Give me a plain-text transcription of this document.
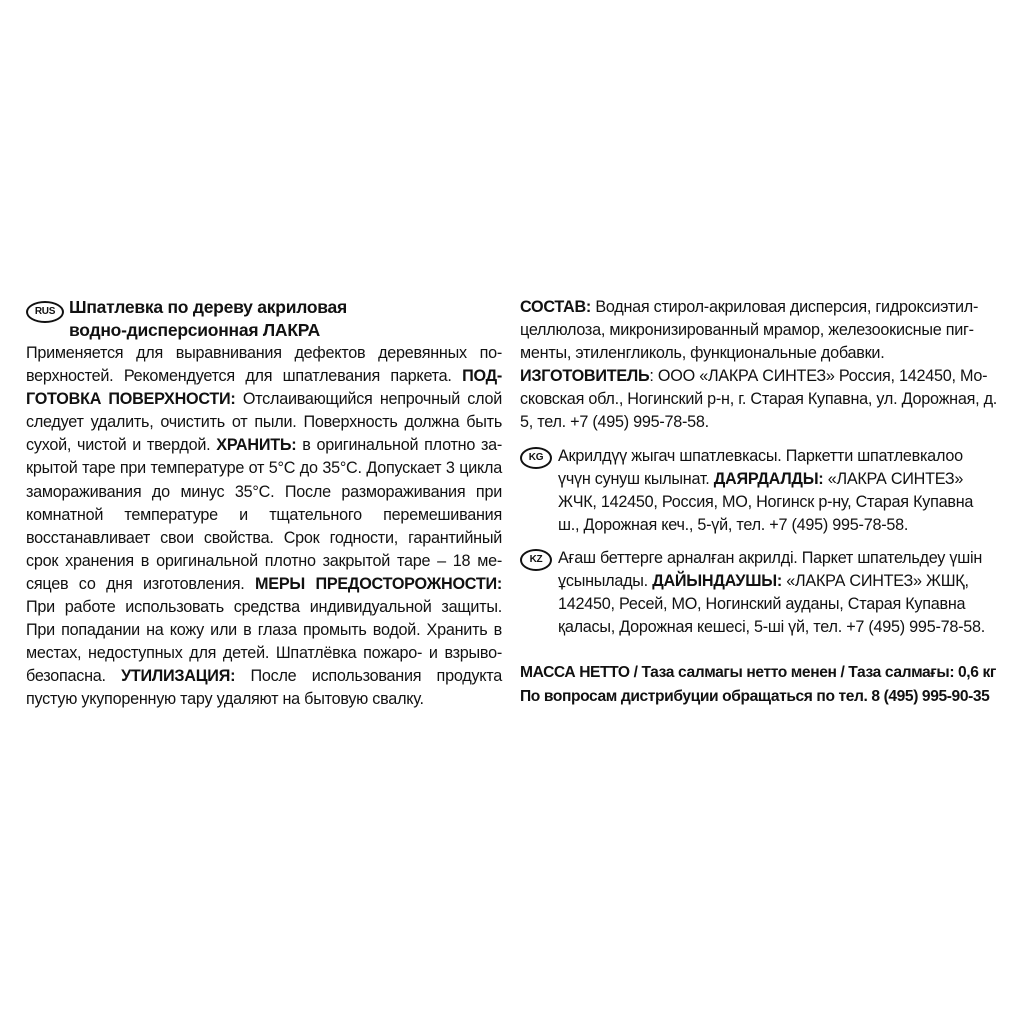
RUS Шпатлевка по дереву акриловая
водно-дисперсионная ЛАКРА
Применяется для выравнивания дефектов деревянных по-верхностей. Рекомендуется для шпатлевания паркета. ПОД-ГОТОВКА ПОВЕРХНОСТИ: Отслаивающийся непрочный слой следует удалить, очистить от пыли. Поверхность должна быть сухой, чистой и твердой. ХРАНИТЬ: в оригинальной плотно за-крытой таре при температуре от 5°С до 35°С. Допускает 3 цикла замораживания до минус 35°С. После размораживания при комнатной температуре и тщательного перемешивания восстанавливает свои свойства. Срок годности, гарантийный срок хранения в оригинальной плотно закрытой таре – 18 ме-сяцев со дня изготовления. МЕРЫ ПРЕДОСТОРОЖНОСТИ: При работе использовать средства индивидуальной защиты. При попадании на кожу или в глаза промыть водой. Хранить в местах, недоступных для детей. Шпатлёвка пожаро- и взрыво-безопасна. УТИЛИЗАЦИЯ: После использования продукта пустую укупоренную тару удаляют на бытовую свалку.
СОСТАВ: Водная стирол-акриловая дисперсия, гидроксиэтил-целлюлоза, микронизированный мрамор, железоокисные пиг-менты, этиленгликоль, функциональные добавки.
ИЗГОТОВИТЕЛЬ: ООО «ЛАКРА СИНТЕЗ» Россия, 142450, Мо-сковская обл., Ногинский р-н, г. Старая Купавна, ул. Дорожная, д. 5, тел. +7 (495) 995-78-58.
KG Акрилдүү жыгач шпатлевкасы. Паркетти шпатлевкалоо үчүн сунуш кылынат. ДАЯРДАЛДЫ: «ЛАКРА СИНТЕЗ» ЖЧК, 142450, Россия, МО, Ногинск р-ну, Старая Купавна ш., Дорожная кеч., 5-үй, тел. +7 (495) 995-78-58.
KZ Ағаш беттерге арналған акрилді. Паркет шпательдеу үшін ұсынылады. ДАЙЫНДАУШЫ: «ЛАКРА СИНТЕЗ» ЖШҚ, 142450, Ресей, МО, Ногинский ауданы, Старая Купавна қаласы, Дорожная кешесі, 5-ші үй, тел. +7 (495) 995-78-58.
МАССА НЕТТО / Таза салмагы нетто менен / Таза салмағы: 0,6 кг
По вопросам дистрибуции обращаться по тел. 8 (495) 995-90-35
